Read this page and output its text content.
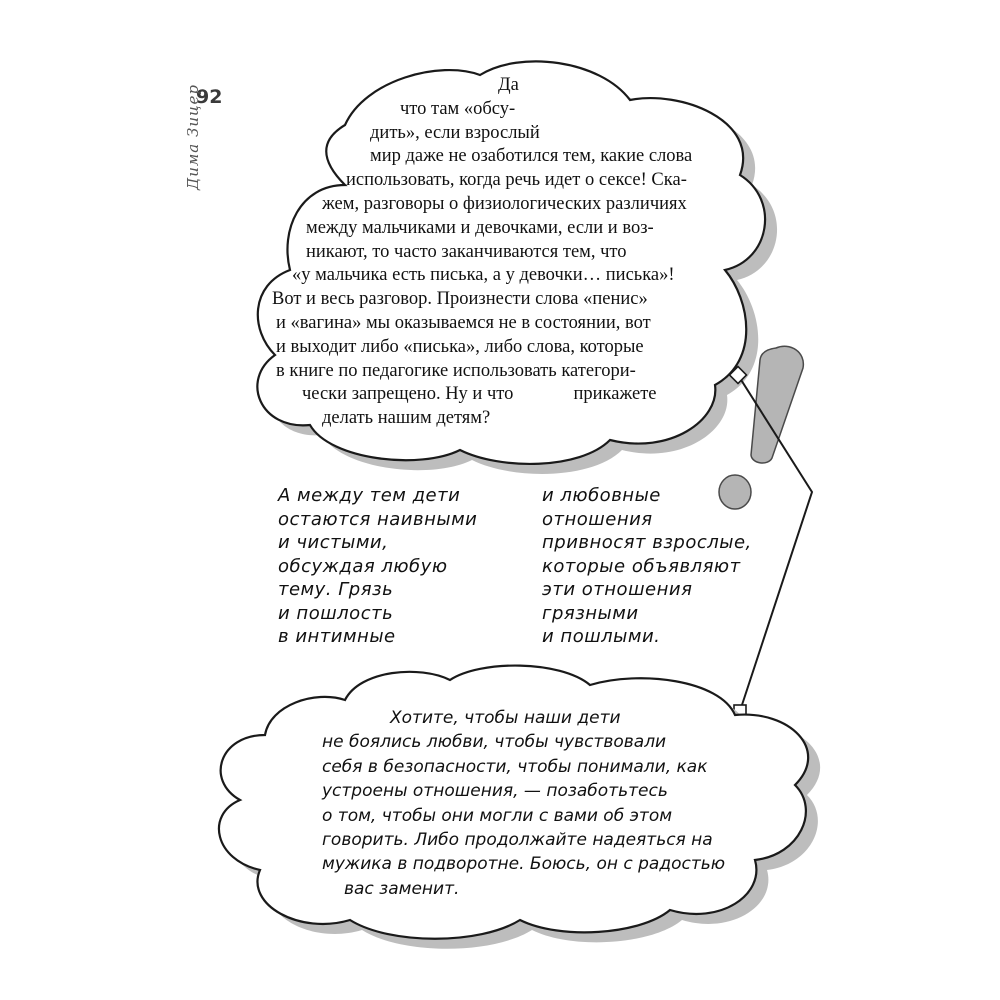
92
Дима Зицер	Да
что там «обсу-
дить», если взрослый
мир даже не озаботился тем, какие слова
использовать, когда речь идет о сексе! Ска-
жем, разговоры о физиологических различиях
между мальчиками и девочками, если и воз-
никают, то часто заканчиваются тем, что
«у мальчика есть писька, а у девочки… писька»!
Вот и весь разговор. Произнести слова «пенис»
и «вагина» мы оказываемся не в состоянии, вот
и выходит либо «писька», либо слова, которые
в книге по педагогике использовать категори-
чески запрещено. Ну и что             прикажете
делать нашим детям?
А между тем дети
остаются наивными
и чистыми,
обсуждая любую
тему. Грязь
и пошлость
в интимные
и любовные
отношения
привносят взрослые,
которые объявляют
эти отношения
грязными
и пошлыми.
Хотите, чтобы наши дети
не боялись любви, чтобы чувствовали
себя в безопасности, чтобы понимали, как
устроены отношения, — позаботьтесь
о том, чтобы они могли с вами об этом
говорить. Либо продолжайте надеяться на
мужика в подворотне. Боюсь, он с радостью
вас заменит.
